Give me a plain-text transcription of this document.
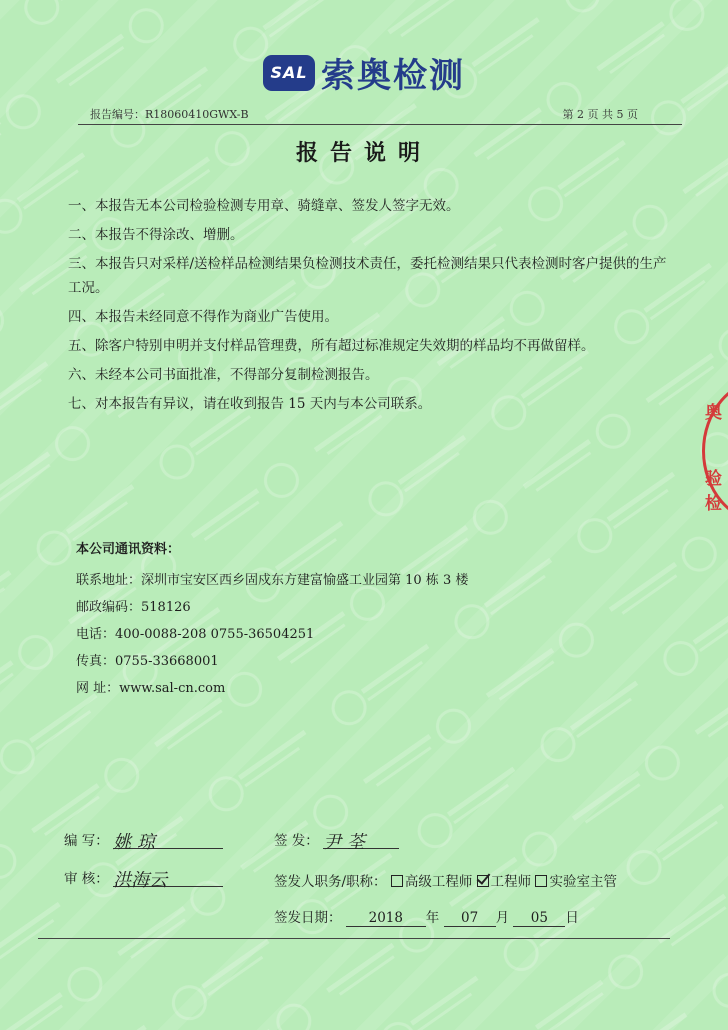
SAL 索奥检测
报告编号：R18060410GWX-B	第 2 页 共 5 页
报告说明
一、本报告无本公司检验检测专用章、骑缝章、签发人签字无效。
二、本报告不得涂改、增删。
三、本报告只对采样/送检样品检测结果负检测技术责任，委托检测结果只代表检测时客户提供的生产工况。
四、本报告未经同意不得作为商业广告使用。
五、除客户特别申明并支付样品管理费，所有超过标准规定失效期的样品均不再做留样。
六、未经本公司书面批准，不得部分复制检测报告。
七、对本报告有异议，请在收到报告 15 天内与本公司联系。
本公司通讯资料：
联系地址：深圳市宝安区西乡固戍东方建富愉盛工业园第 10 栋 3 楼
邮政编码：518126
电话：400-0088-208 0755-36504251
传真：0755-33668001
网 址：www.sal-cn.com
编 写： 姚 琼	签 发： 尹 荃
审 核： 洪海云	签发人职务/职称： 高级工程师 工程师 实验室主管
签发日期： 2018 年 07 月 05 日
奥
验检
